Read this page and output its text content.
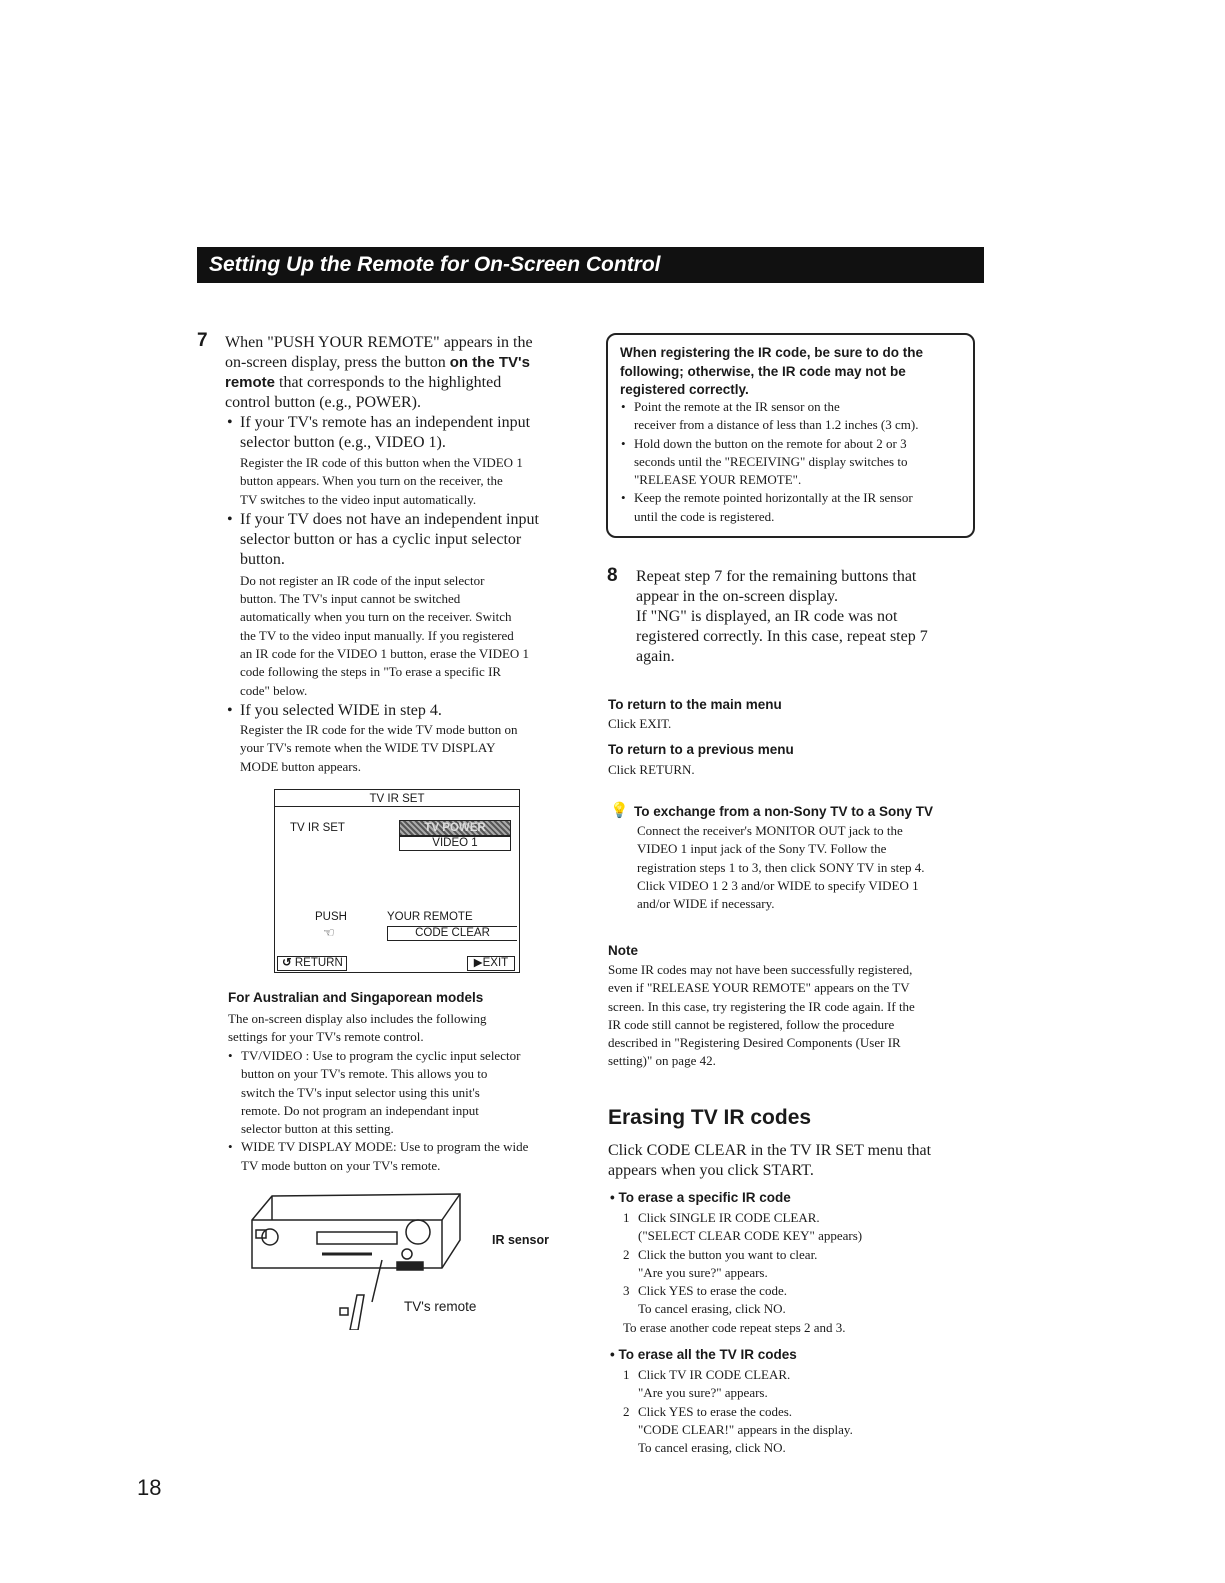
Setting Up the Remote for On-Screen Control
7 When "PUSH YOUR REMOTE" appears in the
on-screen display, press the button on the TV's
remote that corresponds to the highlighted
control button (e.g., POWER).
• If your TV's remote has an independent input
selector button (e.g., VIDEO 1).
Register the IR code of this button when the VIDEO 1
button appears. When you turn on the receiver, the
TV switches to the video input automatically.
• If your TV does not have an independent input
selector button or has a cyclic input selector
button.
Do not register an IR code of the input selector
button. The TV's input cannot be switched
automatically when you turn on the receiver. Switch
the TV to the video input manually. If you registered
an IR code for the VIDEO 1 button, erase the VIDEO 1
code following the steps in "To erase a specific IR
code" below.
• If you selected WIDE in step 4.
Register the IR code for the wide TV mode button on
your TV's remote when the WIDE TV DISPLAY
MODE button appears.
TV IR SET
TV IR SET	TV POWER
VIDEO 1
PUSH	YOUR REMOTE
☜	CODE CLEAR
↺ RETURN	▶EXIT
For Australian and Singaporean models
The on-screen display also includes the following
settings for your TV's remote control.
• TV/VIDEO : Use to program the cyclic input selector
button on your TV's remote. This allows you to
switch the TV's input selector using this unit's
remote. Do not program an independant input
selector button at this setting.
• WIDE TV DISPLAY MODE: Use to program the wide
TV mode button on your TV's remote.
IR sensor
TV's remote
18
When registering the IR code, be sure to do the
following; otherwise, the IR code may not be
registered correctly.
• Point the remote at the IR sensor on the
receiver from a distance of less than 1.2 inches (3 cm).
• Hold down the button on the remote for about 2 or 3
seconds until the "RECEIVING" display switches to
"RELEASE YOUR REMOTE".
• Keep the remote pointed horizontally at the IR sensor
until the code is registered.
8 Repeat step 7 for the remaining buttons that
appear in the on-screen display.
If "NG" is displayed, an IR code was not
registered correctly. In this case, repeat step 7
again.
To return to the main menu
Click EXIT.
To return to a previous menu
Click RETURN.
💡 To exchange from a non-Sony TV to a Sony TV
Connect the receiver's MONITOR OUT jack to the
VIDEO 1 input jack of the Sony TV. Follow the
registration steps 1 to 3, then click SONY TV in step 4.
Click VIDEO 1 2 3 and/or WIDE to specify VIDEO 1
and/or WIDE if necessary.
Note
Some IR codes may not have been successfully registered,
even if "RELEASE YOUR REMOTE" appears on the TV
screen. In this case, try registering the IR code again. If the
IR code still cannot be registered, follow the procedure
described in "Registering Desired Components (User IR
setting)" on page 42.
Erasing TV IR codes
Click CODE CLEAR in the TV IR SET menu that
appears when you click START.
• To erase a specific IR code
1 Click SINGLE IR CODE CLEAR.
("SELECT CLEAR CODE KEY" appears)
2 Click the button you want to clear.
"Are you sure?" appears.
3 Click YES to erase the code.
To cancel erasing, click NO.
To erase another code repeat steps 2 and 3.
• To erase all the TV IR codes
1 Click TV IR CODE CLEAR.
"Are you sure?" appears.
2 Click YES to erase the codes.
"CODE CLEAR!" appears in the display.
To cancel erasing, click NO.
